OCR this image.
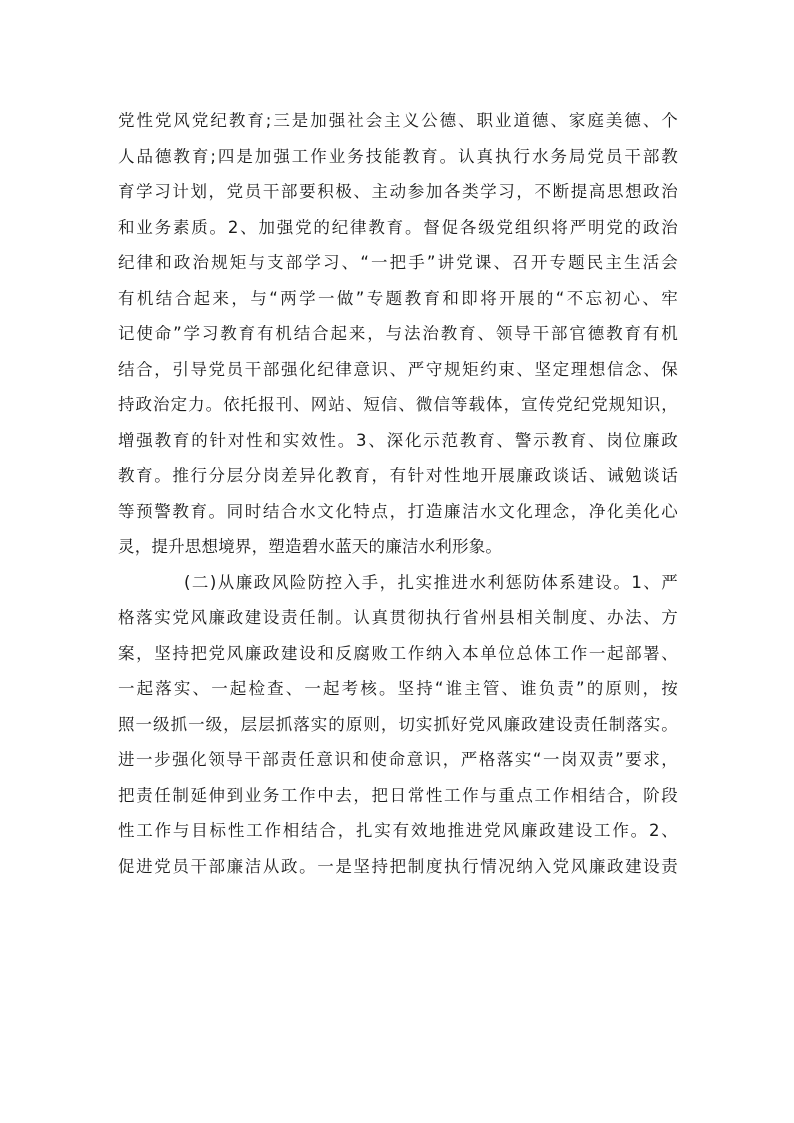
党性党风党纪教育;三是加强社会主义公德、职业道德、家庭美德、个
人品德教育;四是加强工作业务技能教育。认真执行水务局党员干部教
育学习计划，党员干部要积极、主动参加各类学习，不断提高思想政治
和业务素质。2、加强党的纪律教育。督促各级党组织将严明党的政治
纪律和政治规矩与支部学习、“一把手”讲党课、召开专题民主生活会
有机结合起来，与“两学一做”专题教育和即将开展的“不忘初心、牢
记使命”学习教育有机结合起来，与法治教育、领导干部官德教育有机
结合，引导党员干部强化纪律意识、严守规矩约束、坚定理想信念、保
持政治定力。依托报刊、网站、短信、微信等载体，宣传党纪党规知识，
增强教育的针对性和实效性。3、深化示范教育、警示教育、岗位廉政
教育。推行分层分岗差异化教育，有针对性地开展廉政谈话、诫勉谈话
等预警教育。同时结合水文化特点，打造廉洁水文化理念，净化美化心
灵，提升思想境界，塑造碧水蓝天的廉洁水利形象。
(二)从廉政风险防控入手，扎实推进水利惩防体系建设。1、严
格落实党风廉政建设责任制。认真贯彻执行省州县相关制度、办法、方
案，坚持把党风廉政建设和反腐败工作纳入本单位总体工作一起部署、
一起落实、一起检查、一起考核。坚持“谁主管、谁负责”的原则，按
照一级抓一级，层层抓落实的原则，切实抓好党风廉政建设责任制落实。
进一步强化领导干部责任意识和使命意识，严格落实“一岗双责”要求，
把责任制延伸到业务工作中去，把日常性工作与重点工作相结合，阶段
性工作与目标性工作相结合，扎实有效地推进党风廉政建设工作。2、
促进党员干部廉洁从政。一是坚持把制度执行情况纳入党风廉政建设责
